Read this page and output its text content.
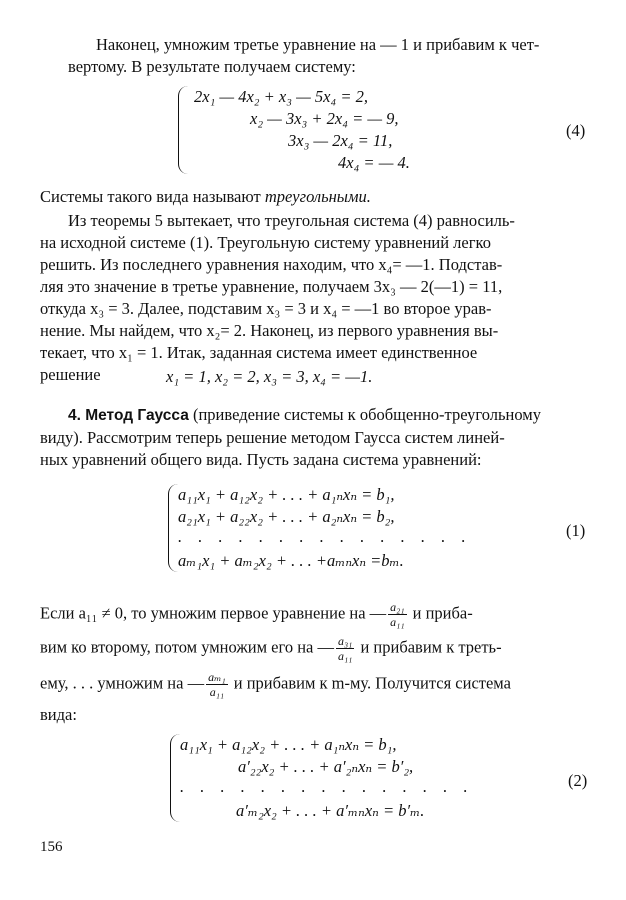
Наконец, умножим третье уравнение на — 1 и прибавим к чет-
вертому. В результате получаем систему:
2x₁ — 4x₂ + x₃ — 5x₄ = 2,
x₂ — 3x₃ + 2x₄ = — 9,
3x₃ — 2x₄ = 11,
4x₄ = — 4.
(4)
Системы такого вида называют треугольными.
Из теоремы 5 вытекает, что треугольная система (4) равносиль-
на исходной системе (1). Треугольную систему уравнений легко
решить. Из последнего уравнения находим, что x₄= —1. Подстав-
ляя это значение в третье уравнение, получаем 3x₃ — 2(—1) = 11,
откуда x₃ = 3. Далее, подставим x₃ = 3 и x₄ = —1 во второе урав-
нение. Мы найдем, что x₂= 2. Наконец, из первого уравнения вы-
текает, что x₁ = 1. Итак, заданная система имеет единственное
решение	x₁ = 1, x₂ = 2, x₃ = 3, x₄ = —1.
4. Метод Гаусса (приведение системы к обобщенно-треугольному
виду). Рассмотрим теперь решение методом Гаусса систем линей-
ных уравнений общего вида. Пусть задана система уравнений:
a₁₁x₁ + a₁₂x₂ + . . . + a₁ₙxₙ = b₁,
a₂₁x₁ + a₂₂x₂ + . . . + a₂ₙxₙ = b₂,
. . . . . . . . . . . . . . .
aₘ₁x₁ + aₘ₂x₂ + . . . +aₘₙxₙ =bₘ.
(1)
Если a₁₁ ≠ 0, то умножим первое уравнение на — $\frac{\text{a₂₁}}{\text{a₁₁}}$ и приба-
вим ко второму, потом умножим его на — $\frac{\text{a₃₁}}{\text{a₁₁}}$ и прибавим к треть-
ему, . . . умножим на — $\frac{\text{aₘ₁}}{\text{a₁₁}}$ и прибавим к m-му. Получится система
вида:
a₁₁x₁ + a₁₂x₂ + . . . + a₁ₙxₙ = b₁,
a′₂₂x₂ + . . . + a′₂ₙxₙ = b′₂,
. . . . . . . . . . . . . . .
a′ₘ₂x₂ + . . . + a′ₘₙxₙ = b′ₘ.
(2)
156
